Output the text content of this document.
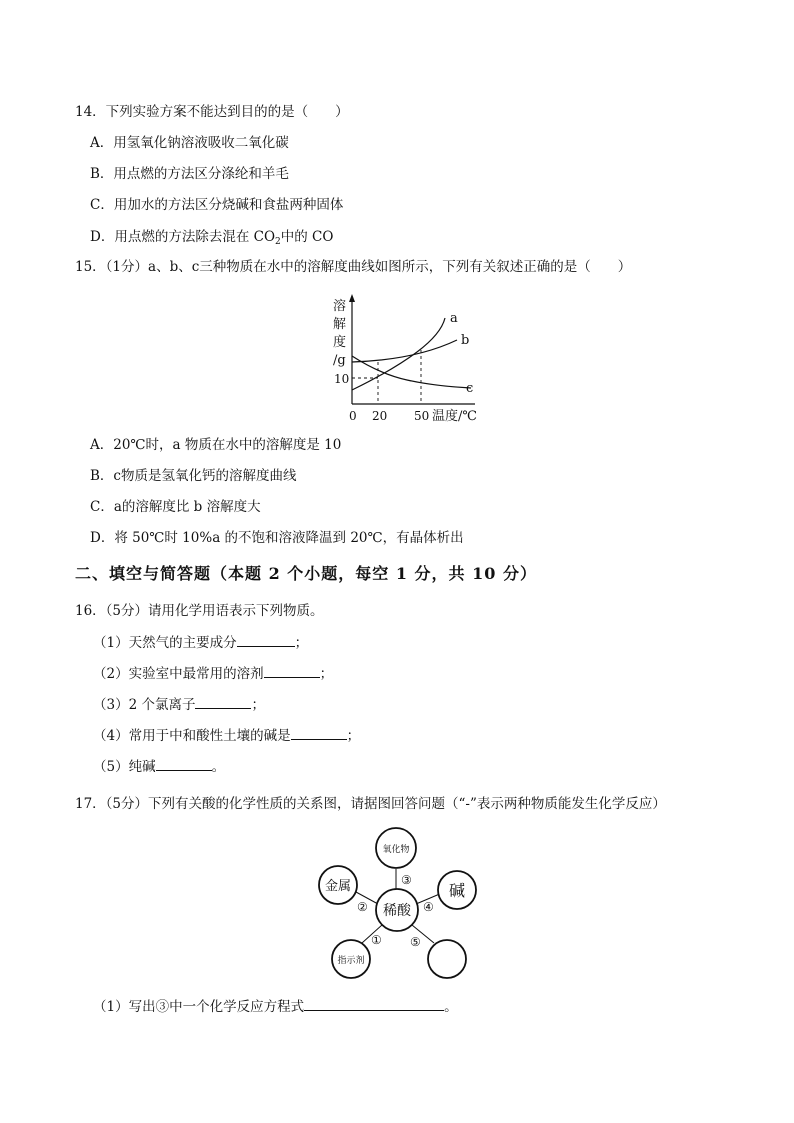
14．下列实验方案不能达到目的的是（　　）
A．用氢氧化钠溶液吸收二氧化碳
B．用点燃的方法区分涤纶和羊毛
C．用加水的方法区分烧碱和食盐两种固体
D．用点燃的方法除去混在 $CO_2$中的 CO
15．（1分）a、b、c三种物质在水中的溶解度曲线如图所示，下列有关叙述正确的是（　　）
溶
解
度
/g
10
a
b
c
0 20 50 温度/℃
A．20℃时，a 物质在水中的溶解度是 10
B．c物质是氢氧化钙的溶解度曲线
C．a的溶解度比 b 溶解度大
D．将 50℃时 10%a 的不饱和溶液降温到 20℃，有晶体析出
二、填空与简答题（本题 2 个小题，每空 1 分，共 10 分）
16．（5分）请用化学用语表示下列物质。
（1）天然气的主要成分	；
（2）实验室中最常用的溶剂	；
（3）2 个氯离子	；
（4）常用于中和酸性土壤的碱是	；
（5）纯碱	。
17．（5分）下列有关酸的化学性质的关系图，请据图回答问题（“-”表示两种物质能发生化学反应）
稀酸
氧化物
金属	碱
指示剂
③
②	④
① ⑤
（1）写出③中一个化学反应方程式	。
